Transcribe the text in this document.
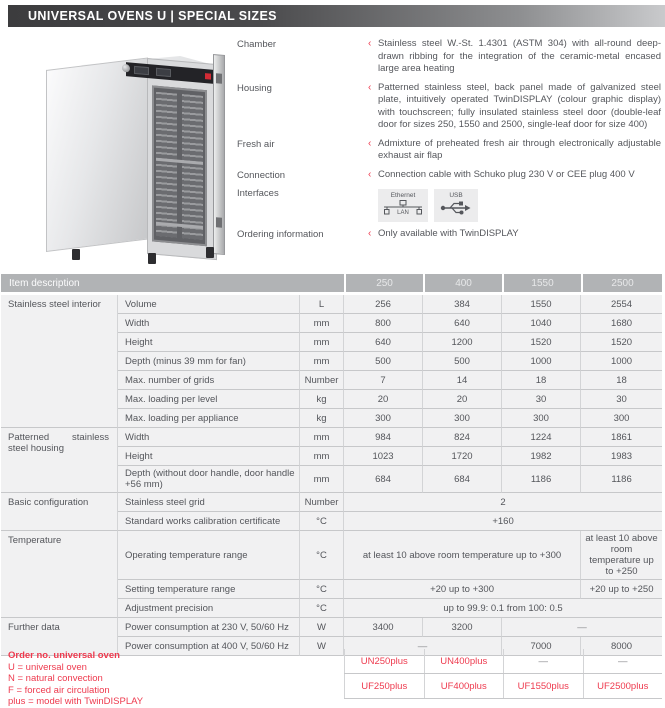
UNIVERSAL OVENS U | SPECIAL SIZES
Chamber	‹ Stainless steel W.-St. 1.4301 (ASTM 304) with all-round deep-drawn ribbing for the integration of the ceramic-metal encased large area heating
Housing	‹ Patterned stainless steel, back panel made of galvanized steel plate, intuitively operated TwinDISPLAY (colour graphic display) with touchscreen; fully insulated stainless steel door (double-leaf door for sizes 250, 1550 and 2500, single-leaf door for size 400)
Fresh air	‹ Admixture of preheated fresh air through electronically adjustable exhaust air flap
Connection	‹ Connection cable with Schuko plug 230 V or CEE plug 400 V
Interfaces	Ethernet
LAN
USB
Ordering information	‹ Only available with TwinDISPLAY
Item description			250	400	1550	2500
Stainless steel interior	Volume	L	256	384	1550	2554
	Width	mm	800	640	1040	1680
	Height	mm	640	1200	1520	1520
	Depth (minus 39 mm for fan)	mm	500	500	1000	1000
	Max. number of grids	Number	7	14	18	18
	Max. loading per level	kg	20	20	30	30
	Max. loading per appliance	kg	300	300	300	300
Patterned stainless steel housing	Width	mm	984	824	1224	1861
	Height	mm	1023	1720	1982	1983
	Depth (without door handle, door handle +56 mm)	mm	684	684	1186	1186
Basic configuration	Stainless steel grid	Number	2			
	Standard works calibration certificate	°C	+160			
Temperature	Operating temperature range	°C	at least 10 above room temperature up to +300			at least 10 above room temperature up to +250
	Setting temperature range	°C	+20 up to +300			+20 up to +250
	Adjustment precision	°C	up to 99.9: 0.1 from 100: 0.5			
Further data	Power consumption at 230 V, 50/60 Hz	W	3400	3200	—	
	Power consumption at 400 V, 50/60 Hz	W	—		7000	8000
Order no. universal oven
U = universal oven
N = natural convection
F = forced air circulation
plus = model with TwinDISPLAY
UN250plus	UN400plus	—	—
UF250plus	UF400plus	UF1550plus	UF2500plus
